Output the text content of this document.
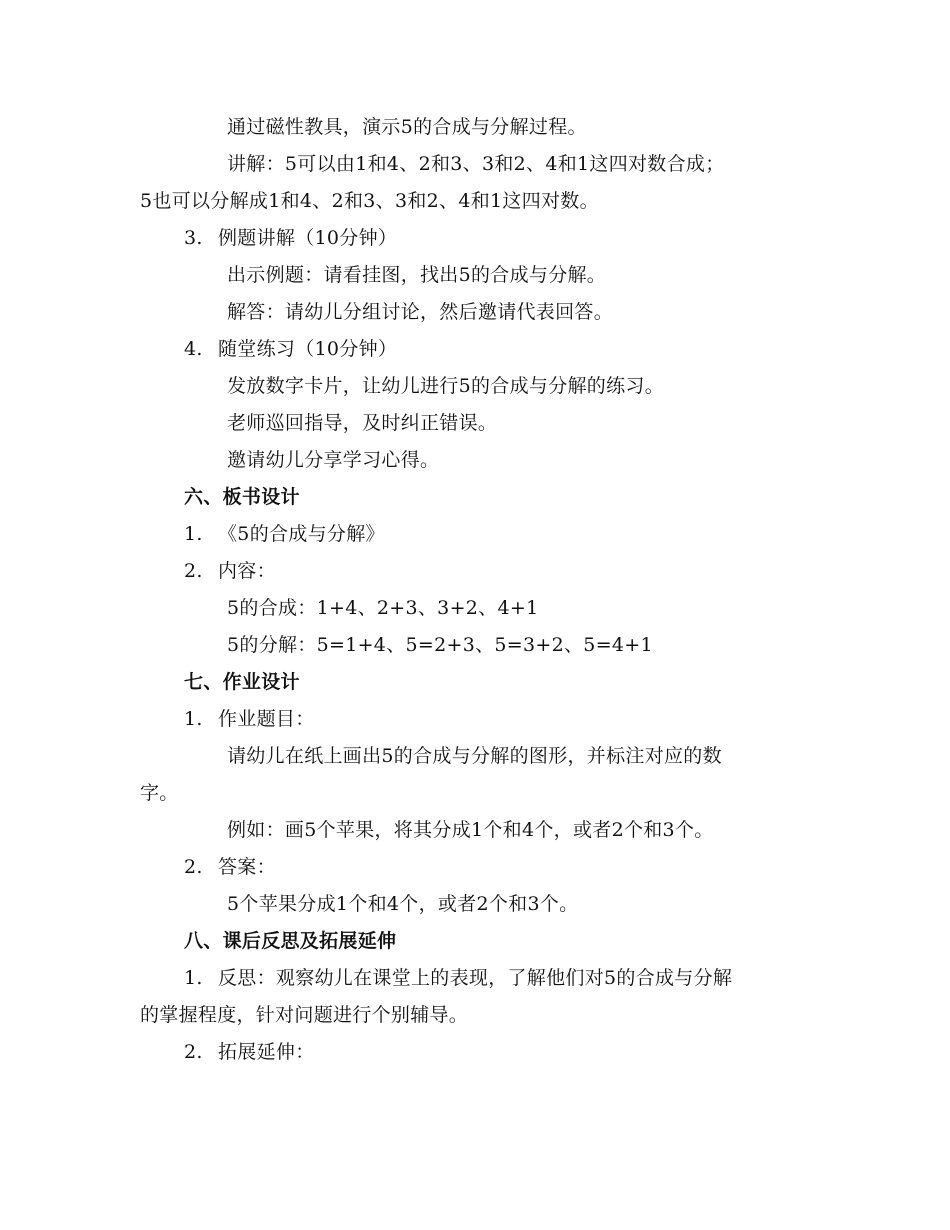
通过磁性教具，演示5的合成与分解过程。
讲解：5可以由1和4、2和3、3和2、4和1这四对数合成；
5也可以分解成1和4、2和3、3和2、4和1这四对数。
3. 例题讲解（10分钟）
出示例题：请看挂图，找出5的合成与分解。
解答：请幼儿分组讨论，然后邀请代表回答。
4. 随堂练习（10分钟）
发放数字卡片，让幼儿进行5的合成与分解的练习。
老师巡回指导，及时纠正错误。
邀请幼儿分享学习心得。
六、板书设计
1. 《5的合成与分解》
2. 内容：
5的合成：1+4、2+3、3+2、4+1
5的分解：5=1+4、5=2+3、5=3+2、5=4+1
七、作业设计
1. 作业题目：
请幼儿在纸上画出5的合成与分解的图形，并标注对应的数
字。
例如：画5个苹果，将其分成1个和4个，或者2个和3个。
2. 答案：
5个苹果分成1个和4个，或者2个和3个。
八、课后反思及拓展延伸
1. 反思：观察幼儿在课堂上的表现，了解他们对5的合成与分解
的掌握程度，针对问题进行个别辅导。
2. 拓展延伸：
